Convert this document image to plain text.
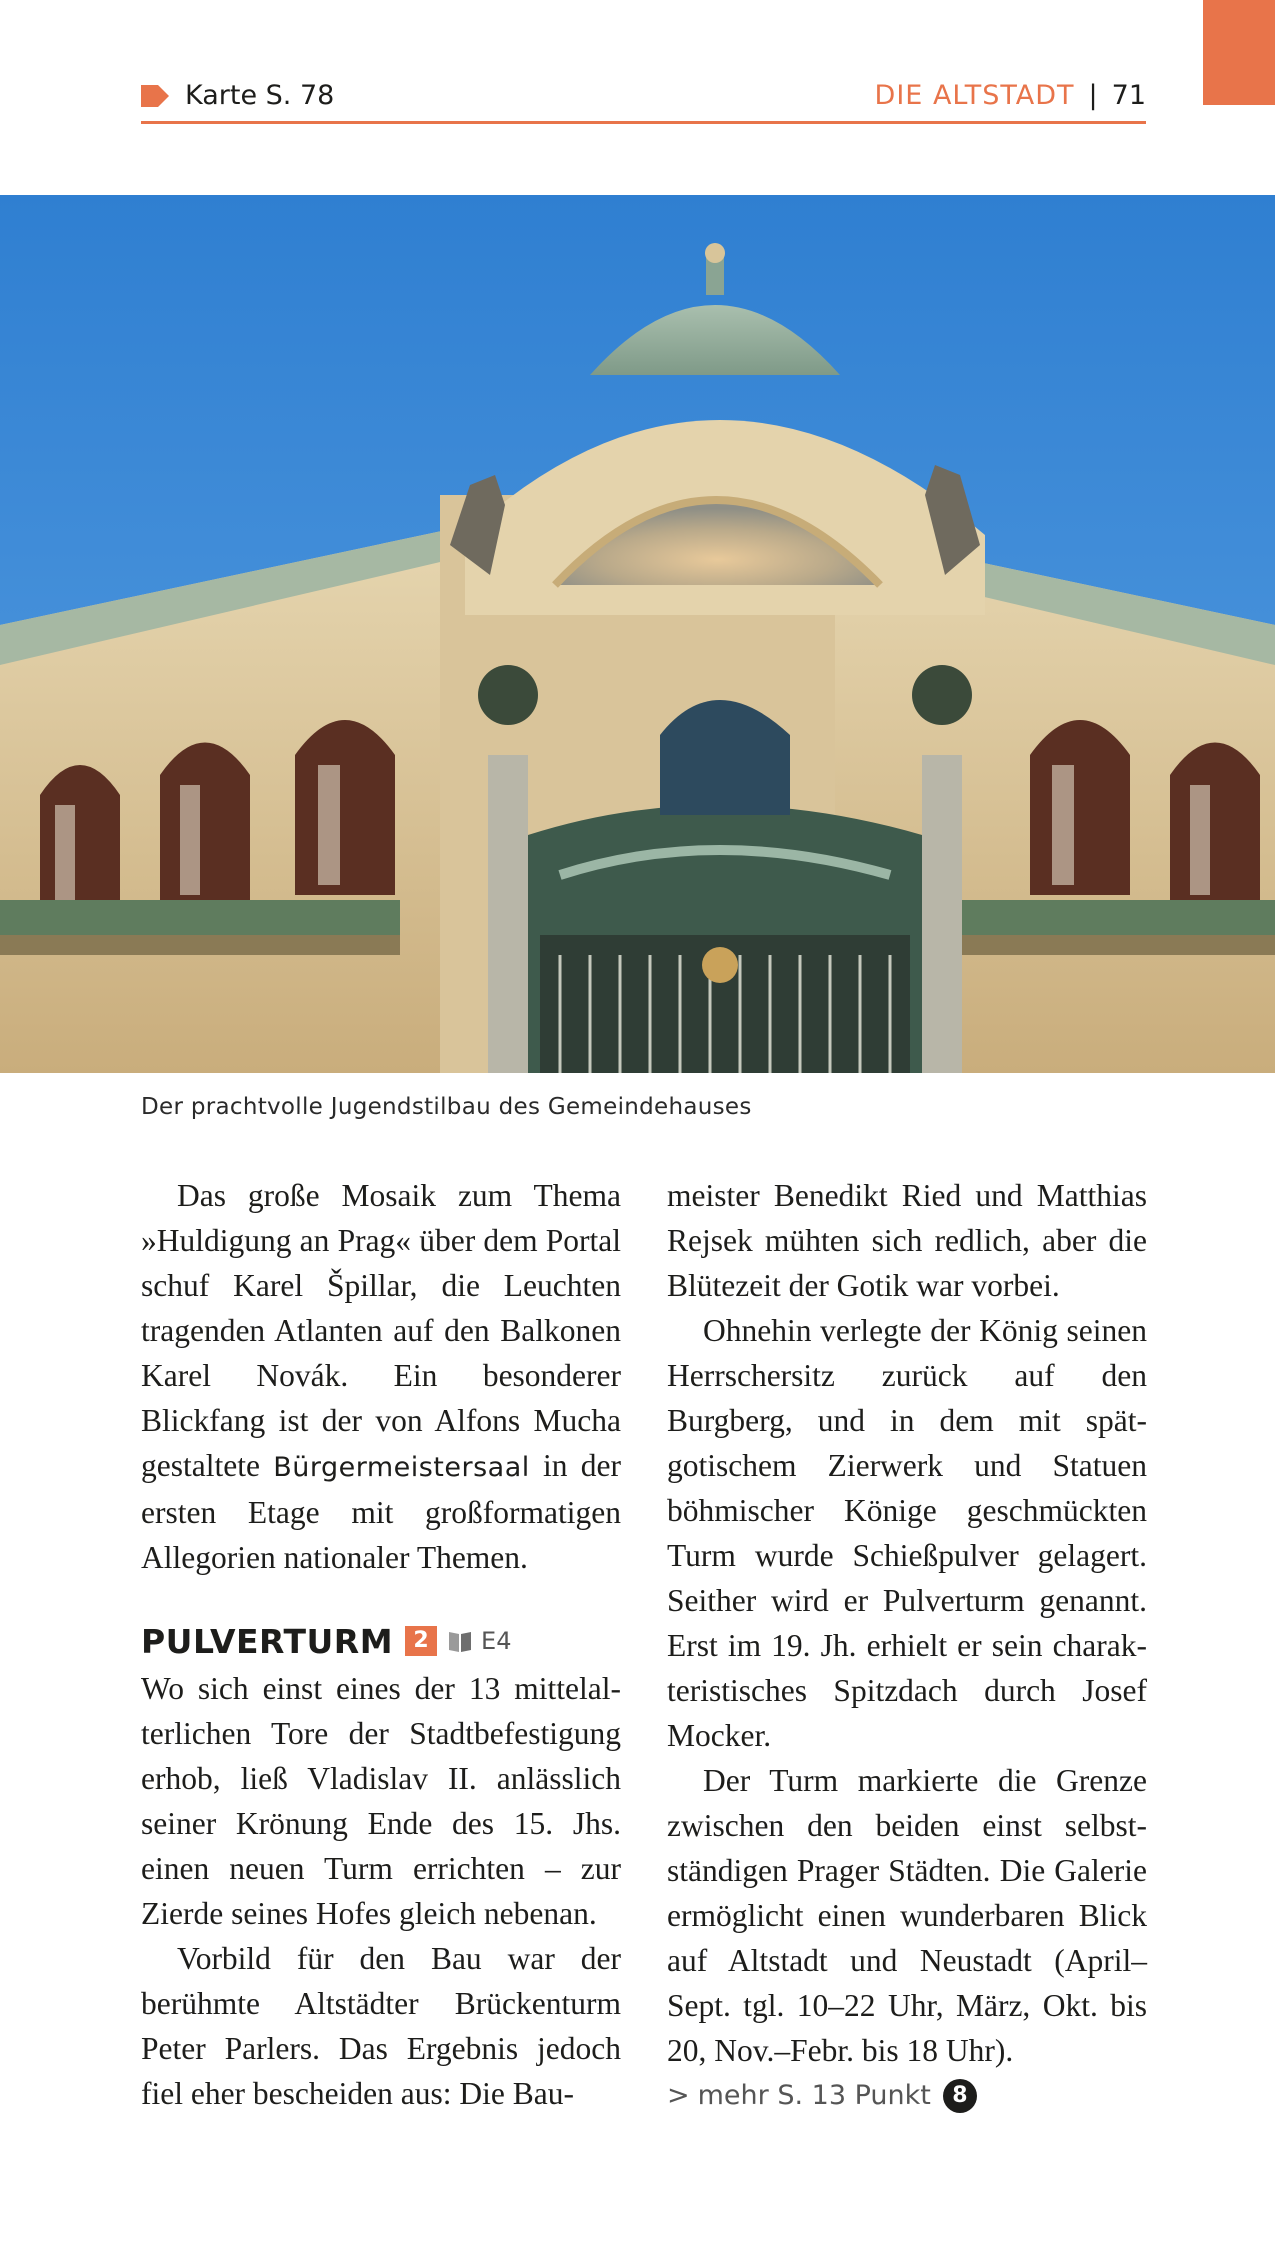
Karte S. 78	DIE ALTSTADT | 71
Der prachtvolle Jugendstilbau des Gemeindehauses

Das große Mosaik zum Thema »Huldigung an Prag« über dem Portal schuf Karel Špillar, die Leuchten tragenden Atlanten auf den Balkonen Karel Novák. Ein besonderer Blickfang ist der von Alfons Mucha gestaltete Bürgermeistersaal in der ersten Etage mit großformatigen Allegorien nationaler Themen.

PULVERTURM 2	E4

Wo sich einst eines der 13 mittelalterlichen Tore der Stadtbefestigung erhob, ließ Vladislav II. anlässlich seiner Krönung Ende des 15. Jhs. einen neuen Turm errichten – zur Zierde seines Hofes gleich nebenan.

Vorbild für den Bau war der berühmte Altstädter Brückenturm Peter Parlers. Das Ergebnis jedoch fiel eher bescheiden aus: Die Bau-

meister Benedikt Ried und Matthias Rejsek mühten sich redlich, aber die Blütezeit der Gotik war vorbei.

Ohnehin verlegte der König seinen Herrschersitz zurück auf den Burgberg, und in dem mit spätgotischem Zierwerk und Statuen böhmischer Könige geschmückten Turm wurde Schießpulver gelagert. Seither wird er Pulverturm genannt. Erst im 19. Jh. erhielt er sein charakteristisches Spitzdach durch Josef Mocker.

Der Turm markierte die Grenze zwischen den beiden einst selbstständigen Prager Städten. Die Galerie ermöglicht einen wunderbaren Blick auf Altstadt und Neustadt (April–Sept. tgl. 10–22 Uhr, März, Okt. bis 20, Nov.–Febr. bis 18 Uhr).

> mehr S. 13 Punkt 8
